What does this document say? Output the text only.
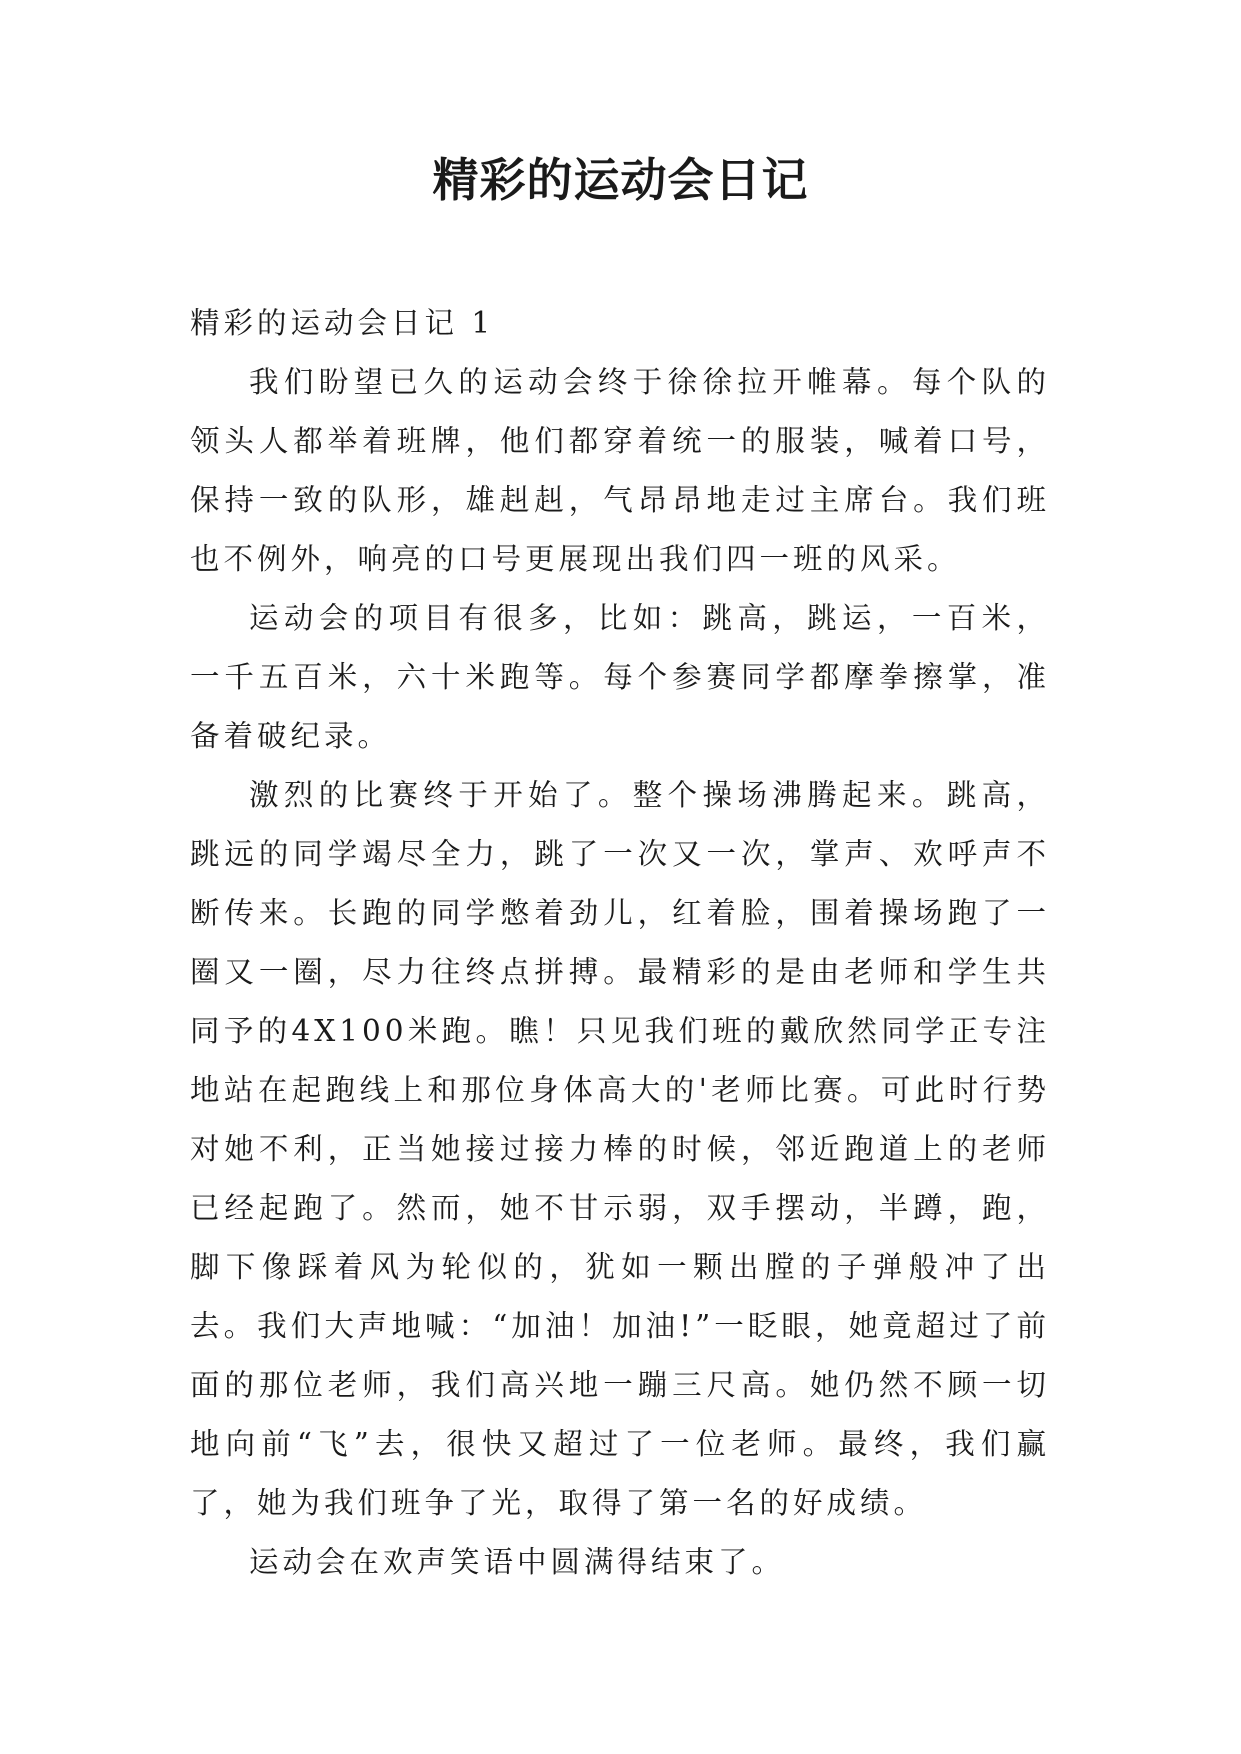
精彩的运动会日记
精彩的运动会日记 1

我们盼望已久的运动会终于徐徐拉开帷幕。每个队的领头人都举着班牌，他们都穿着统一的服装，喊着口号，保持一致的队形，雄赳赳，气昂昂地走过主席台。我们班也不例外，响亮的口号更展现出我们四一班的风采。

运动会的项目有很多，比如：跳高，跳运，一百米，一千五百米，六十米跑等。每个参赛同学都摩拳擦掌，准备着破纪录。

激烈的比赛终于开始了。整个操场沸腾起来。跳高，跳远的同学竭尽全力，跳了一次又一次，掌声、欢呼声不断传来。长跑的同学憋着劲儿，红着脸，围着操场跑了一圈又一圈，尽力往终点拼搏。最精彩的是由老师和学生共同予的4X100米跑。瞧！只见我们班的戴欣然同学正专注地站在起跑线上和那位身体高大的'老师比赛。可此时行势对她不利，正当她接过接力棒的时候，邻近跑道上的老师已经起跑了。然而，她不甘示弱，双手摆动，半蹲，跑，脚下像踩着风为轮似的，犹如一颗出膛的子弹般冲了出去。我们大声地喊：“加油！加油!”一眨眼，她竟超过了前面的那位老师，我们高兴地一蹦三尺高。她仍然不顾一切地向前“飞”去，很快又超过了一位老师。最终，我们赢了，她为我们班争了光，取得了第一名的好成绩。

运动会在欢声笑语中圆满得结束了。
